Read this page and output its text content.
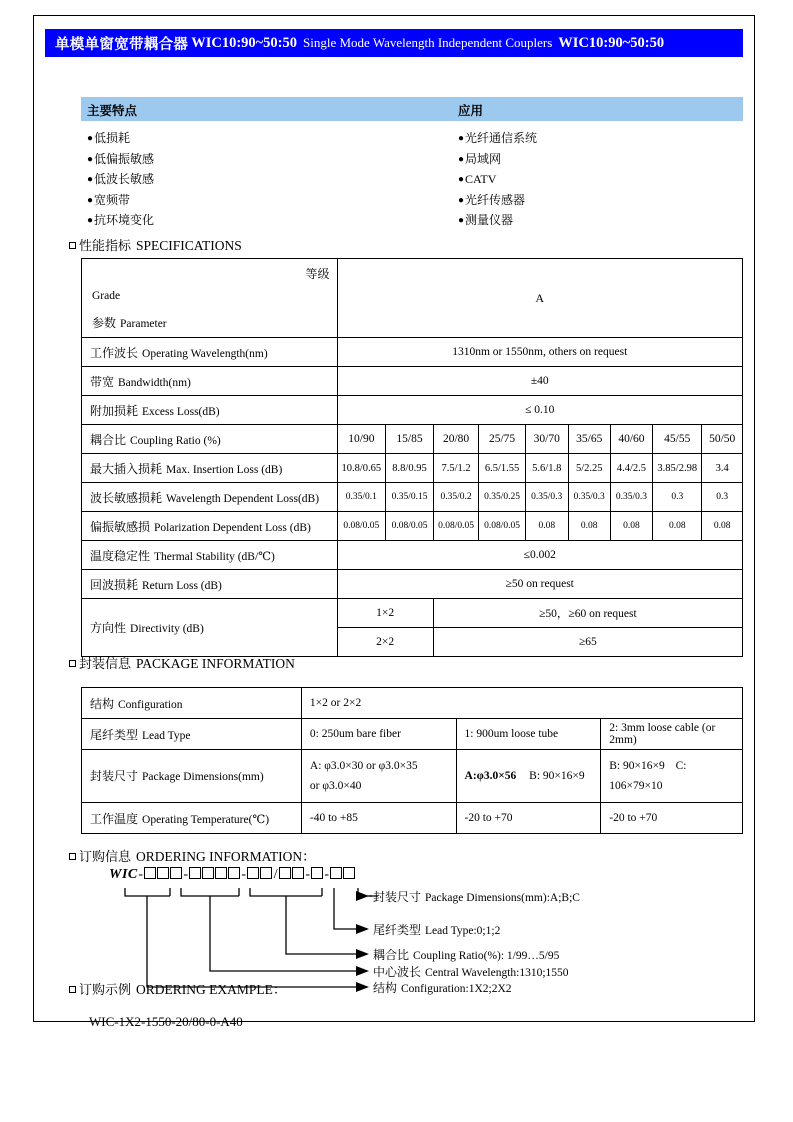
单模单窗宽带耦合器 WIC10:90~50:50 Single Mode Wavelength Independent Couplers WIC10:90~50:50
主要特点	应用
●低损耗
●低偏振敏感
●低波长敏感
●宽频带
●抗环境变化
●光纤通信系统
●局域网
●CATV
●光纤传感器
●测量仪器
性能指标 SPECIFICATIONS
等级
Grade
参数 Parameter	A								
工作波长 Operating Wavelength(nm)	1310nm or 1550nm, others on request								
带宽 Bandwidth(nm)	±40								
附加损耗 Excess Loss(dB)	≤ 0.10								
耦合比 Coupling Ratio (%)	10/90	15/85	20/80	25/75	30/70	35/65	40/60	45/55	50/50
最大插入损耗 Max. Insertion Loss (dB)	10.8/0.65	8.8/0.95	7.5/1.2	6.5/1.55	5.6/1.8	5/2.25	4.4/2.5	3.85/2.98	3.4
波长敏感损耗 Wavelength Dependent Loss(dB)	0.35/0.1	0.35/0.15	0.35/0.2	0.35/0.25	0.35/0.3	0.35/0.3	0.35/0.3	0.3	0.3
偏振敏感损 Polarization Dependent Loss (dB)	0.08/0.05	0.08/0.05	0.08/0.05	0.08/0.05	0.08	0.08	0.08	0.08	0.08
温度稳定性 Thermal Stability (dB/℃)	≤0.002								
回波损耗 Return Loss (dB)	≥50 on request								
方向性 Directivity (dB)	1×2		≥50，≥60 on request						
	2×2		≥65						
封装信息 PACKAGE INFORMATION
结构 Configuration	1×2 or 2×2		
尾纤类型 Lead Type	0: 250um bare fiber	1: 900um loose tube	2: 3mm loose cable (or 2mm)
封装尺寸 Package Dimensions(mm)	A: φ3.0×30 or φ3.0×35
or φ3.0×40	A:φ3.0×56 B: 90×16×9	B: 90×16×9 C: 106×79×10
工作温度 Operating Temperature(℃)	-40 to +85	-20 to +70	-20 to +70
订购信息 ORDERING INFORMATION：
WIC-	-	- / - -
封装尺寸 Package Dimensions(mm):A;B;C
尾纤类型 Lead Type:0;1;2
耦合比 Coupling Ratio(%): 1/99…5/95
中心波长 Central Wavelength:1310;1550
结构 Configuration:1X2;2X2
订购示例 ORDERING EXAMPLE：
WIC-1X2-1550-20/80-0-A40
